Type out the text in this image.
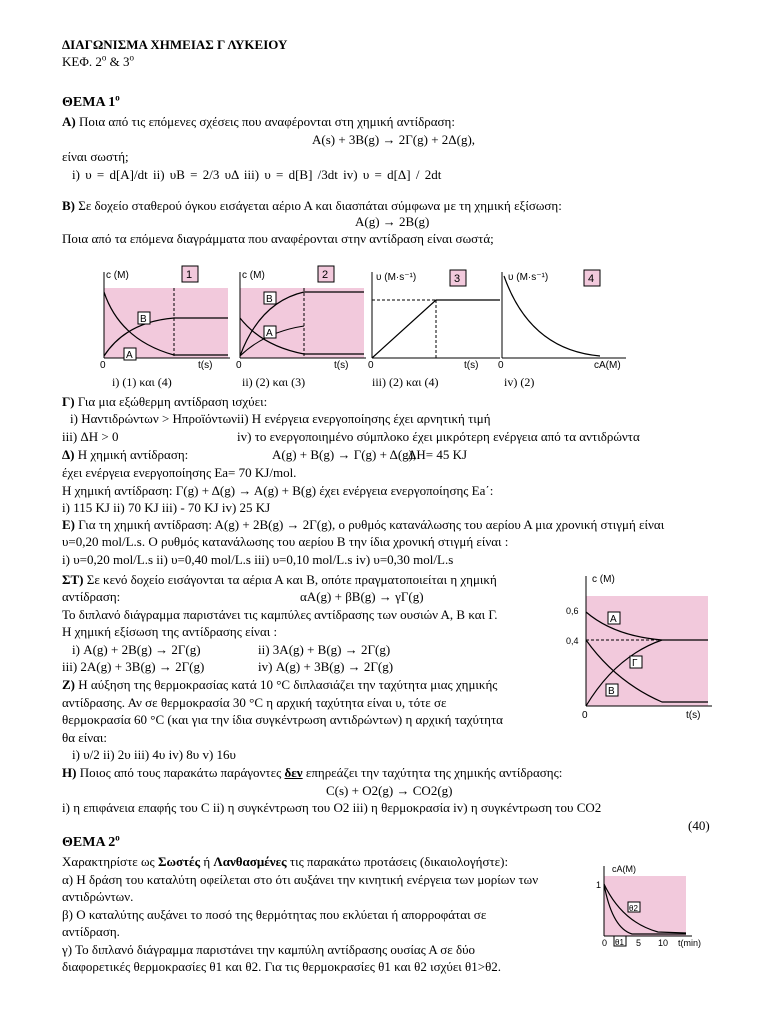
ΔΙΑΓΩΝΙΣΜΑ ΧΗΜΕΙΑΣ Γ ΛΥΚΕΙΟΥ
ΚΕΦ. $2^o$ & $3^o$
ΘΕΜΑ $1^o$
Α) Ποια από τις επόμενες σχέσεις που αναφέρονται στη χημική αντίδραση:
Α(s) + 3B(g) → 2Γ(g) + 2Δ(g),
είναι σωστή;
i) υ = d[A]/dt ii) υB = 2/3 υΔ iii) υ = d[B] /3dt iv) υ = d[Δ] / 2dt
Β) Σε δοχείο σταθερού όγκου εισάγεται αέριο Α και διασπάται σύμφωνα με τη χημική εξίσωση:
Α(g) → 2B(g)
Ποια από τα επόμενα διαγράμματα που αναφέρονται στην αντίδραση είναι σωστά;
c (M)
t(s)
0
B
A
1	c (M)
t(s)
0
B
A
2	υ (M·s⁻¹)
t(s)
0
3	υ (M·s⁻¹)
cA(M)
0
4
i) (1) και (4)	ii) (2) και (3)	iii) (2) και (4)	iv) (2)
Γ) Για μια εξώθερμη αντίδραση ισχύει:
i) Hαντιδρώντων > Hπροϊόντων ii) Η ενέργεια ενεργοποίησης έχει αρνητική τιμή
iii) ΔH > 0	iv) το ενεργοποιημένο σύμπλοκο έχει μικρότερη ενέργεια από τα αντιδρώντα
Δ) Η χημική αντίδραση:	Α(g) + B(g) → Γ(g) + Δ(g),
ΔΗ= 45 KJ
έχει ενέργεια ενεργοποίησης Εa= 70 KJ/mol.
Η χημική αντίδραση: Γ(g) + Δ(g) → Α(g) + B(g) έχει ενέργεια ενεργοποίησης Εa΄:
i) 115 KJ ii) 70 KJ iii) - 70 KJ iv) 25 KJ
Ε) Για τη χημική αντίδραση: Α(g) + 2B(g) → 2Γ(g), ο ρυθμός κατανάλωσης του αερίου Α μια χρονική στιγμή είναι
υ=0,20 mol/L.s. Ο ρυθμός κατανάλωσης του αερίου Β την ίδια χρονική στιγμή είναι :
i) υ=0,20 mol/L.s ii) υ=0,40 mol/L.s iii) υ=0,10 mol/L.s iv) υ=0,30 mol/L.s
ΣΤ) Σε κενό δοχείο εισάγονται τα αέρια Α και Β, οπότε πραγματοποιείται η χημική
αντίδραση:	αΑ(g) + βB(g) → γΓ(g)
Το διπλανό διάγραμμα παριστάνει τις καμπύλες αντίδρασης των ουσιών Α, Β και Γ.
Η χημική εξίσωση της αντίδρασης είναι :
i) Α(g) + 2B(g) → 2Γ(g)	ii) 3Α(g) + B(g) → 2Γ(g)
iii) 2Α(g) + 3B(g) → 2Γ(g)	iv) Α(g) + 3B(g) → 2Γ(g)
c (M)
0,6
0,4
0	t(s)
A
Γ
B
Ζ) Η αύξηση της θερμοκρασίας κατά 10 °C διπλασιάζει την ταχύτητα μιας χημικής
αντίδρασης. Αν σε θερμοκρασία 30 °C η αρχική ταχύτητα είναι υ, τότε σε
θερμοκρασία 60 °C (και για την ίδια συγκέντρωση αντιδρώντων) η αρχική ταχύτητα
θα είναι:
i) υ/2 ii) 2υ iii) 4υ iv) 8υ v) 16υ
Η) Ποιος από τους παρακάτω παράγοντες δεν επηρεάζει την ταχύτητα της χημικής αντίδρασης:
C(s) + O2(g) → CO2(g)
i) η επιφάνεια επαφής του C ii) η συγκέντρωση του O2 iii) η θερμοκρασία iv) η συγκέντρωση του CO2
(40)
ΘΕΜΑ $2^o$
Χαρακτηρίστε ως Σωστές ή Λανθασμένες τις παρακάτω προτάσεις (δικαιολογήστε):
α) Η δράση του καταλύτη οφείλεται στο ότι αυξάνει την κινητική ενέργεια των μορίων των
αντιδρώντων.
β) Ο καταλύτης αυξάνει το ποσό της θερμότητας που εκλύεται ή απορροφάται σε
αντίδραση.
γ) Το διπλανό διάγραμμα παριστάνει την καμπύλη αντίδρασης ουσίας Α σε δύο
διαφορετικές θερμοκρασίες θ1 και θ2. Για τις θερμοκρασίες θ1 και θ2 ισχύει θ1>θ2.
cA(M)
1
0 θ1
θ2
5 10 t(min)
